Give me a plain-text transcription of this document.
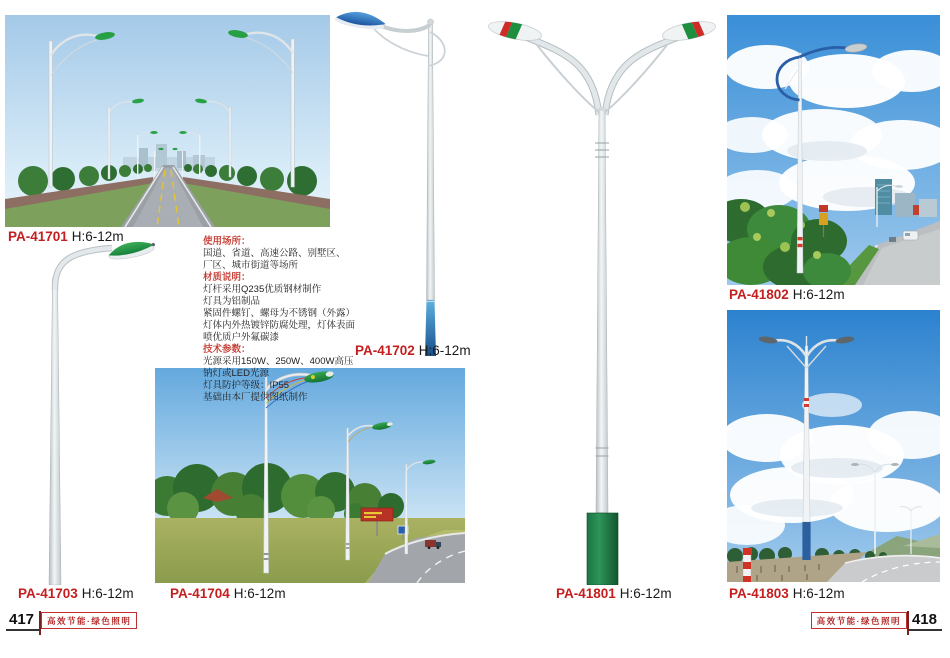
使用场所：
国道、省道、高速公路、别墅区、
厂区、城市街道等场所
材质说明：
灯杆采用Q235优质钢材制作
灯具为铝制品
紧固件螺钉、螺母为不锈钢（外露）
灯体内外热镀锌防腐处理，灯体表面
喷优质户外氟碳漆
技术参数：
光源采用150W、250W、400W高压
钠灯或LED光源
灯具防护等级：IP55
基础由本厂提供图纸制作
PA-41701 H:6-12m
PA-41702 H:6-12m
PA-41703 H:6-12m	PA-41704 H:6-12m	PA-41801 H:6-12m
PA-41802 H:6-12m
PA-41803 H:6-12m
417	高效节能·绿色照明	高效节能·绿色照明 418
